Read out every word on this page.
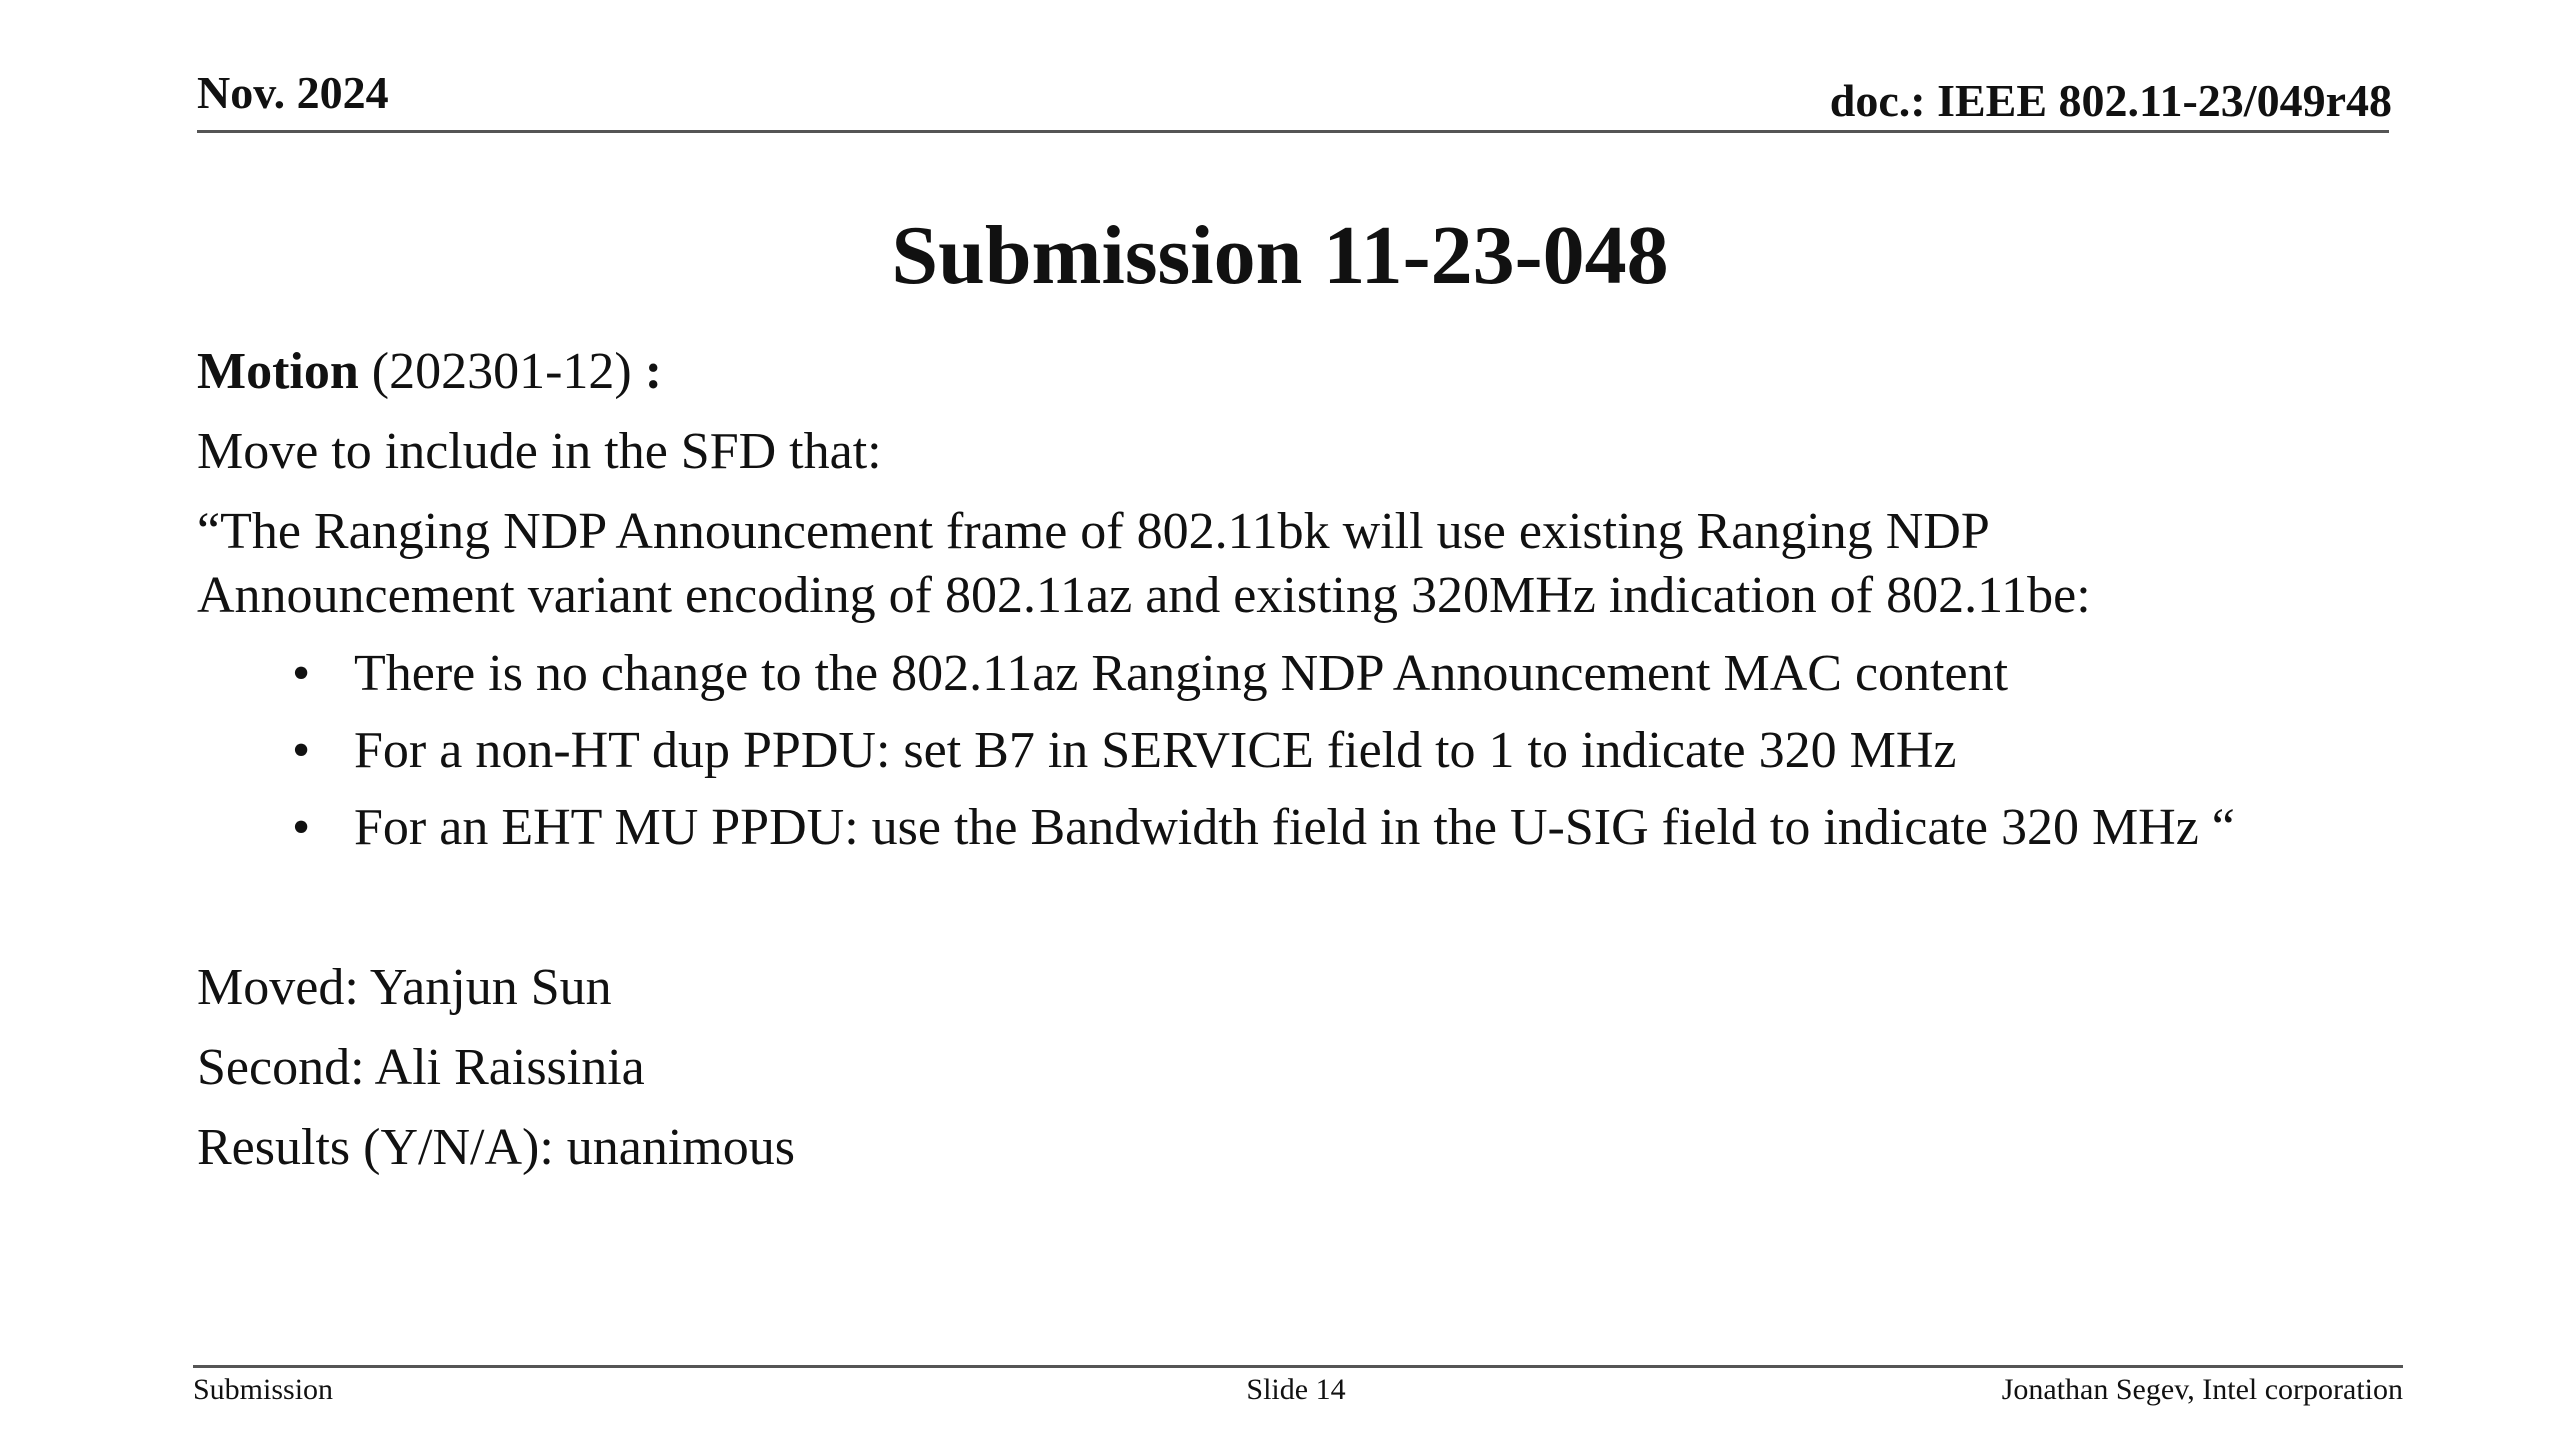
Nov. 2024	doc.: IEEE 802.11-23/049r48
Submission 11-23-048

Motion (202301-12) :

Move to include in the SFD that:

“The Ranging NDP Announcement frame of 802.11bk will use existing Ranging NDP

Announcement variant encoding of 802.11az and existing 320MHz indication of 802.11be:

• There is no change to the 802.11az Ranging NDP Announcement MAC content
• For a non-HT dup PPDU: set B7 in SERVICE field to 1 to indicate 320 MHz
• For an EHT MU PPDU: use the Bandwidth field in the U-SIG field to indicate 320 MHz “

Moved: Yanjun Sun

Second: Ali Raissinia

Results (Y/N/A): unanimous

Submission	Slide 14	Jonathan Segev, Intel corporation
